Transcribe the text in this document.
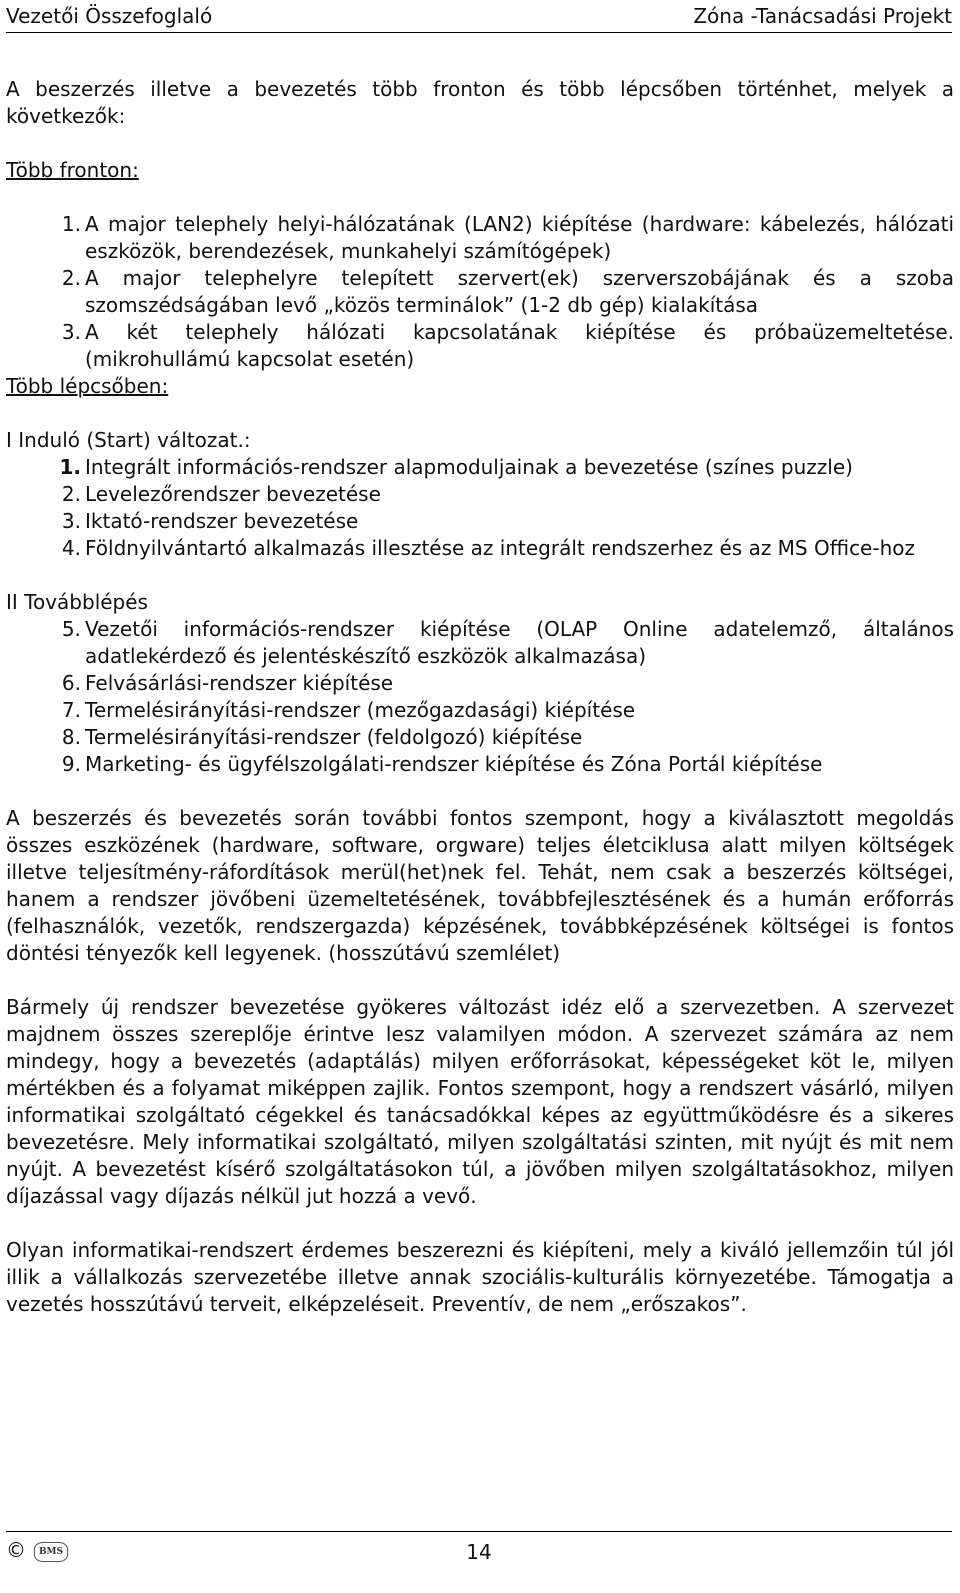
Vezetői Összefoglaló	Zóna -Tanácsadási Projekt

A beszerzés illetve a bevezetés több fronton és több lépcsőben történhet, melyek a következők:

Több fronton:
1. A major telephely helyi-hálózatának (LAN2) kiépítése (hardware: kábelezés, hálózati eszközök, berendezések, munkahelyi számítógépek)
2. A major telephelyre telepített szervert(ek) szerverszobájának és a szoba szomszédságában levő „közös terminálok” (1-2 db gép) kialakítása
3. A két telephely hálózati kapcsolatának kiépítése és próbaüzemeltetése. (mikrohullámú kapcsolat esetén)
Több lépcsőben:
I Induló (Start) változat.:
1. Integrált információs-rendszer alapmoduljainak a bevezetése (színes puzzle)
2. Levelezőrendszer bevezetése
3. Iktató-rendszer bevezetése
4. Földnyilvántartó alkalmazás illesztése az integrált rendszerhez és az MS Office-hoz
II Továbblépés
5. Vezetői információs-rendszer kiépítése (OLAP Online adatelemző, általános adatlekérdező és jelentéskészítő eszközök alkalmazása)
6. Felvásárlási-rendszer kiépítése
7. Termelésirányítási-rendszer (mezőgazdasági) kiépítése
8. Termelésirányítási-rendszer (feldolgozó) kiépítése
9. Marketing- és ügyfélszolgálati-rendszer kiépítése és Zóna Portál kiépítése

A beszerzés és bevezetés során további fontos szempont, hogy a kiválasztott megoldás összes eszközének (hardware, software, orgware) teljes életciklusa alatt milyen költségek illetve teljesítmény-ráfordítások merül(het)nek fel. Tehát, nem csak a beszerzés költségei, hanem a rendszer jövőbeni üzemeltetésének, továbbfejlesztésének és a humán erőforrás (felhasználók, vezetők, rendszergazda) képzésének, továbbképzésének költségei is fontos döntési tényezők kell legyenek. (hosszútávú szemlélet)

Bármely új rendszer bevezetése gyökeres változást idéz elő a szervezetben. A szervezet majdnem összes szereplője érintve lesz valamilyen módon. A szervezet számára az nem mindegy, hogy a bevezetés (adaptálás) milyen erőforrásokat, képességeket köt le, milyen mértékben és a folyamat miképpen zajlik. Fontos szempont, hogy a rendszert vásárló, milyen informatikai szolgáltató cégekkel és tanácsadókkal képes az együttműködésre és a sikeres bevezetésre. Mely informatikai szolgáltató, milyen szolgáltatási szinten, mit nyújt és mit nem nyújt. A bevezetést kísérő szolgáltatásokon túl, a jövőben milyen szolgáltatásokhoz, milyen díjazással vagy díjazás nélkül jut hozzá a vevő.

Olyan informatikai-rendszert érdemes beszerezni és kiépíteni, mely a kiváló jellemzőin túl jól illik a vállalkozás szervezetébe illetve annak szociális-kulturális környezetébe. Támogatja a vezetés hosszútávú terveit, elképzeléseit. Preventív, de nem „erőszakos”.

©	BMS	14
